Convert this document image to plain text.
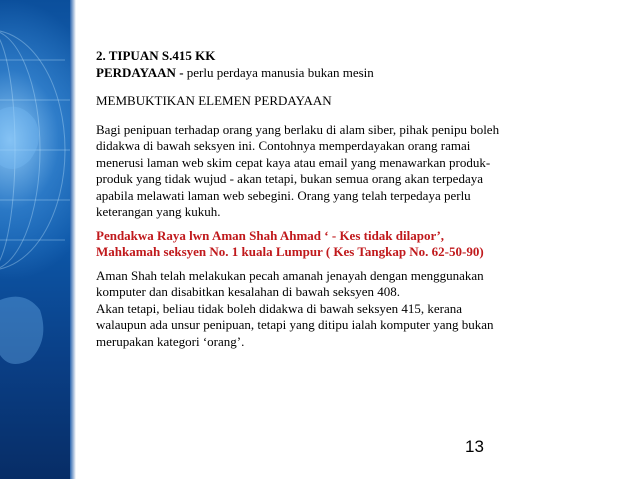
2. TIPUAN S.415 KK

PERDAYAAN - perlu perdaya manusia bukan mesin

MEMBUKTIKAN ELEMEN PERDAYAAN

Bagi penipuan terhadap orang yang berlaku di alam siber, pihak penipu boleh

didakwa di bawah seksyen ini. Contohnya memperdayakan orang ramai

menerusi laman web skim cepat kaya atau email yang menawarkan produk-

produk yang tidak wujud - akan tetapi, bukan semua orang akan terpedaya

apabila melawati laman web sebegini. Orang yang telah terpedaya perlu

keterangan yang kukuh.

Pendakwa Raya lwn Aman Shah Ahmad ‘ - Kes tidak dilapor’,

Mahkamah seksyen No. 1 kuala Lumpur ( Kes Tangkap No. 62-50-90)

Aman Shah telah melakukan pecah amanah jenayah dengan menggunakan

komputer dan disabitkan kesalahan di bawah seksyen 408.

Akan tetapi, beliau tidak boleh didakwa di bawah seksyen 415, kerana

walaupun ada unsur penipuan, tetapi yang ditipu ialah komputer yang bukan

merupakan kategori ‘orang’.

13
